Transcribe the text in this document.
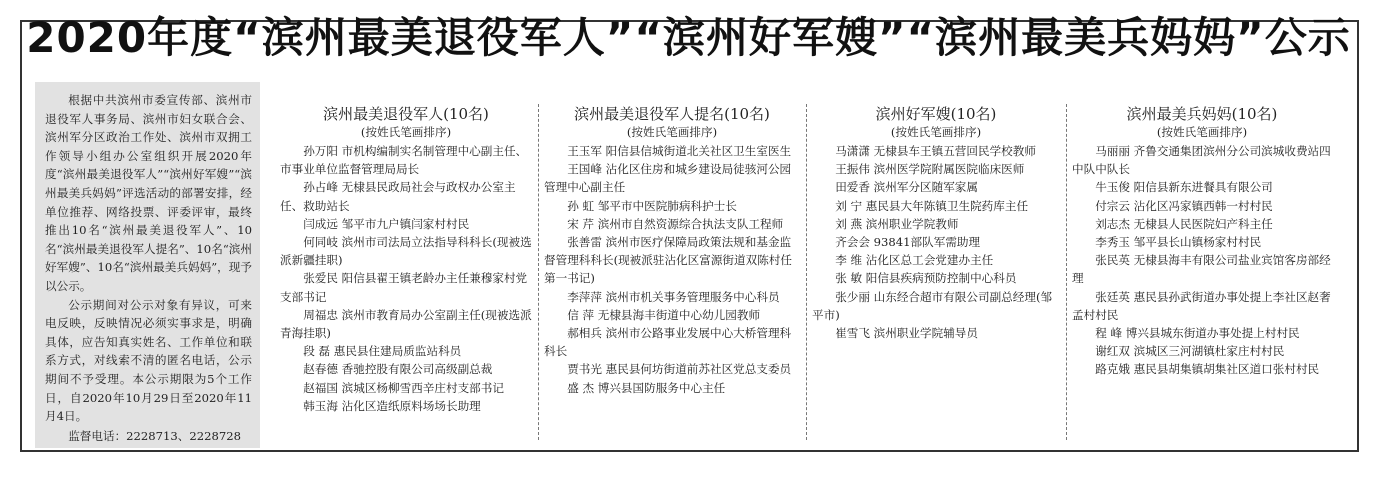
2020年度“滨州最美退役军人”“滨州好军嫂”“滨州最美兵妈妈”公示

根据中共滨州市委宣传部、滨州市退役军人事务局、滨州市妇女联合会、滨州军分区政治工作处、滨州市双拥工作领导小组办公室组织开展2020年度“滨州最美退役军人”“滨州好军嫂”“滨州最美兵妈妈”评选活动的部署安排，经单位推荐、网络投票、评委评审，最终推出10名“滨州最美退役军人”、10名“滨州最美退役军人提名”、10名“滨州好军嫂”、10名“滨州最美兵妈妈”，现予以公示。

公示期间对公示对象有异议，可来电反映，反映情况必须实事求是，明确具体，应告知真实姓名、工作单位和联系方式，对线索不清的匿名电话，公示期间不予受理。本公示期限为5个工作日，自2020年10月29日至2020年11月4日。

监督电话：2228713、2228728

滨州最美退役军人(10名)
(按姓氏笔画排序)
孙万阳 市机构编制实名制管理中心副主任、市事业单位监督管理局局长
孙占峰 无棣县民政局社会与政权办公室主任、救助站长
闫成远 邹平市九户镇闫家村村民
何同岐 滨州市司法局立法指导科科长(现被选派新疆挂职)
张爱民 阳信县翟王镇老龄办主任兼穆家村党支部书记
周福忠 滨州市教育局办公室副主任(现被选派青海挂职)
段 磊 惠民县住建局质监站科员
赵春德 香驰控股有限公司高级副总裁
赵福国 滨城区杨柳雪西辛庄村支部书记
韩玉海 沾化区造纸原料场场长助理
滨州最美退役军人提名(10名)
(按姓氏笔画排序)
王玉军 阳信县信城街道北关社区卫生室医生
王国峰 沾化区住房和城乡建设局徒骇河公园管理中心副主任
孙 虹 邹平市中医院肺病科护士长
宋 芹 滨州市自然资源综合执法支队工程师
张善雷 滨州市医疗保障局政策法规和基金监督管理科科长(现被派驻沾化区富源街道双陈村任第一书记)
李萍萍 滨州市机关事务管理服务中心科员
信 萍 无棣县海丰街道中心幼儿园教师
郝相兵 滨州市公路事业发展中心大桥管理科科长
贾书光 惠民县何坊街道前苏社区党总支委员
盛 杰 博兴县国防服务中心主任
滨州好军嫂(10名)
(按姓氏笔画排序)
马潇潇 无棣县车王镇五营回民学校教师
王振伟 滨州医学院附属医院临床医师
田爱香 滨州军分区随军家属
刘 宁 惠民县大年陈镇卫生院药库主任
刘 燕 滨州职业学院教师
齐会会 93841部队军需助理
李 维 沾化区总工会党建办主任
张 敏 阳信县疾病预防控制中心科员
张少丽 山东经合超市有限公司副总经理(邹平市)
崔雪飞 滨州职业学院辅导员
滨州最美兵妈妈(10名)
(按姓氏笔画排序)
马丽丽 齐鲁交通集团滨州分公司滨城收费站四中队中队长
牛玉俊 阳信县新东进餐具有限公司
付宗云 沾化区冯家镇西韩一村村民
刘志杰 无棣县人民医院妇产科主任
李秀玉 邹平县长山镇杨家村村民
张民英 无棣县海丰有限公司盐业宾馆客房部经理
张廷英 惠民县孙武街道办事处提上李社区赵奢孟村村民
程 峰 博兴县城东街道办事处提上村村民
谢红双 滨城区三河湖镇杜家庄村村民
路克娥 惠民县胡集镇胡集社区道口张村村民
